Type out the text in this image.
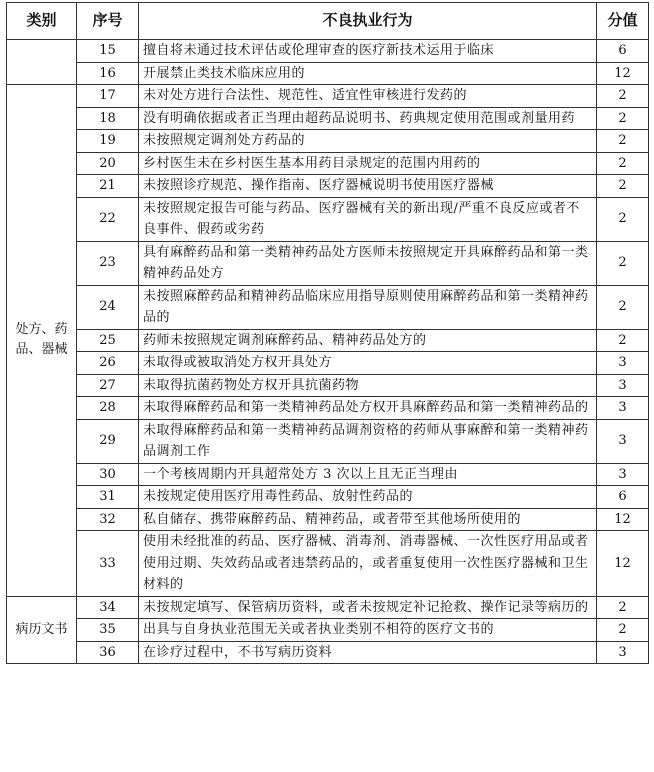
类别	序号	不良执业行为	分值
	15	擅自将未通过技术评估或伦理审查的医疗新技术运用于临床	6
	16	开展禁止类技术临床应用的	12
处方、药品、器械	17	未对处方进行合法性、规范性、适宜性审核进行发药的	2
	18	没有明确依据或者正当理由超药品说明书、药典规定使用范围或剂量用药	2
	19	未按照规定调剂处方药品的	2
	20	乡村医生未在乡村医生基本用药目录规定的范围内用药的	2
	21	未按照诊疗规范、操作指南、医疗器械说明书使用医疗器械	2
	22	未按照规定报告可能与药品、医疗器械有关的新出现/严重不良反应或者不良事件、假药或劣药	2
	23	具有麻醉药品和第一类精神药品处方医师未按照规定开具麻醉药品和第一类精神药品处方	2
	24	未按照麻醉药品和精神药品临床应用指导原则使用麻醉药品和第一类精神药品的	2
	25	药师未按照规定调剂麻醉药品、精神药品处方的	2
	26	未取得或被取消处方权开具处方	3
	27	未取得抗菌药物处方权开具抗菌药物	3
	28	未取得麻醉药品和第一类精神药品处方权开具麻醉药品和第一类精神药品的	3
	29	未取得麻醉药品和第一类精神药品调剂资格的药师从事麻醉和第一类精神药品调剂工作	3
	30	一个考核周期内开具超常处方 3 次以上且无正当理由	3
	31	未按规定使用医疗用毒性药品、放射性药品的	6
	32	私自储存、携带麻醉药品、精神药品，或者带至其他场所使用的	12
	33	使用未经批准的药品、医疗器械、消毒剂、消毒器械、一次性医疗用品或者使用过期、失效药品或者违禁药品的，或者重复使用一次性医疗器械和卫生材料的	12
病历文书	34	未按规定填写、保管病历资料，或者未按规定补记抢救、操作记录等病历的	2
	35	出具与自身执业范围无关或者执业类别不相符的医疗文书的	2
	36	在诊疗过程中，不书写病历资料	3
